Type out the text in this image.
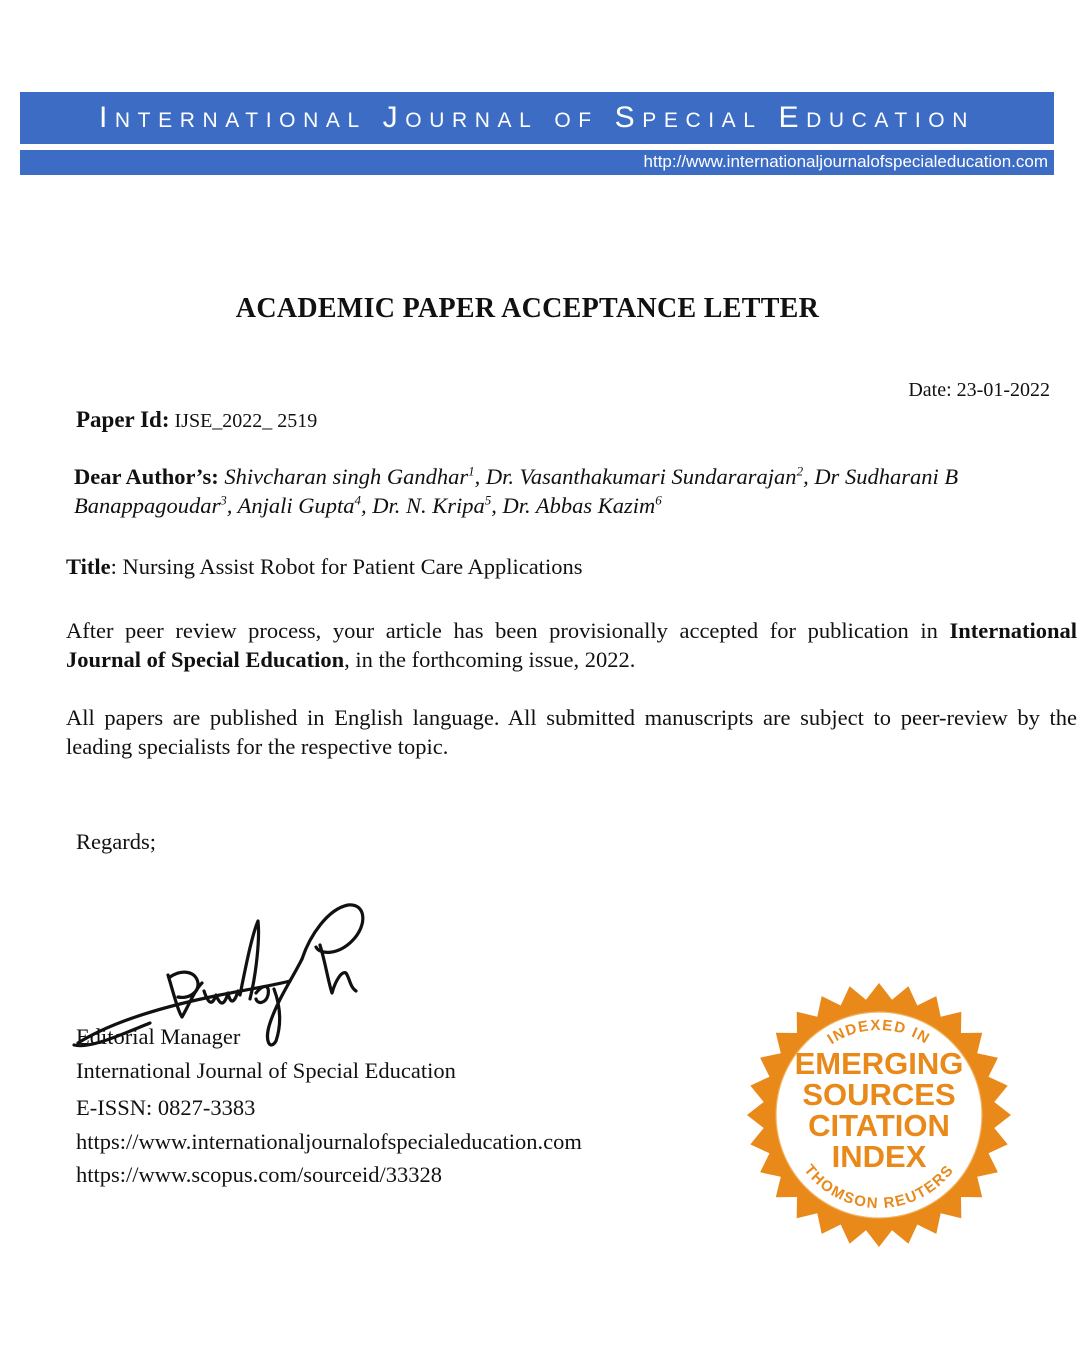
International Journal of Special Education
http://www.internationaljournalofspecialeducation.com
ACADEMIC PAPER ACCEPTANCE LETTER
Date: 23-01-2022
Paper Id: IJSE_2022_ 2519
Dear Author’s: Shivcharan singh Gandhar$^1$, Dr. Vasanthakumari Sundararajan$^2$, Dr Sudharani B Banappagoudar$^3$, Anjali Gupta$^4$, Dr. N. Kripa$^5$, Dr. Abbas Kazim$^6$
Title: Nursing Assist Robot for Patient Care Applications
After peer review process, your article has been provisionally accepted for publication in International Journal of Special Education, in the forthcoming issue, 2022.
All papers are published in English language. All submitted manuscripts are subject to peer-review by the leading specialists for the respective topic.
Regards;
Editorial Manager
International Journal of Special Education
E-ISSN: 0827-3383
https://www.internationaljournalofspecialeducation.com
https://www.scopus.com/sourceid/33328
INDEXED IN
THOMSON REUTERS
EMERGING
SOURCES
CITATION
INDEX
